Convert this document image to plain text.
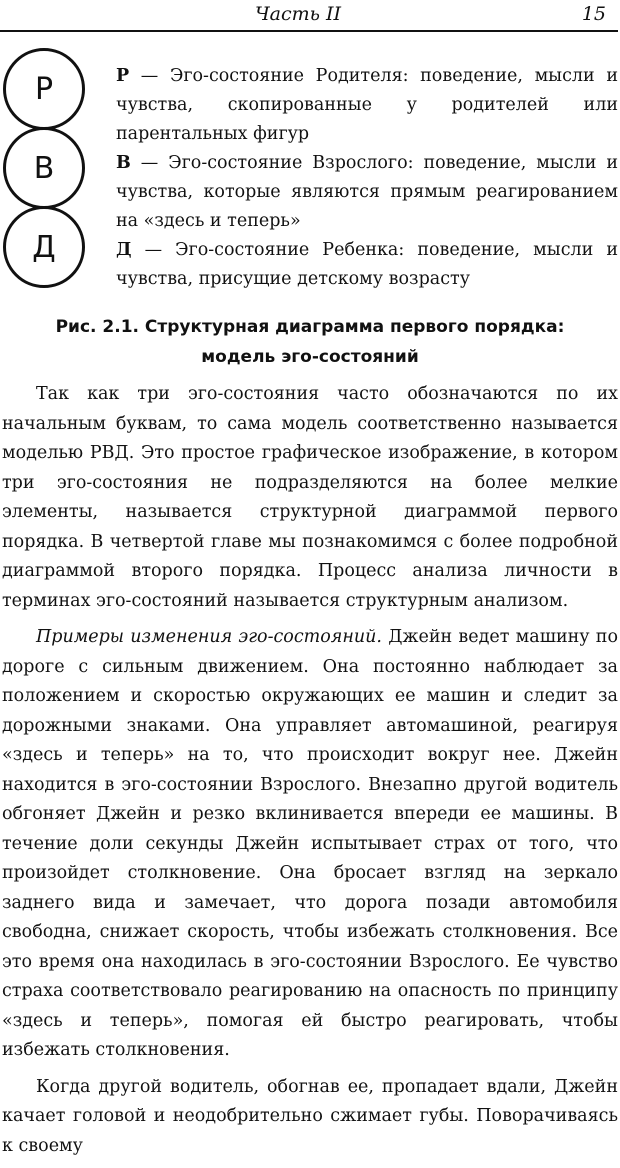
Часть II	15
Р
В
Д

Р — Эго-состояние Родителя: поведение, мысли и чувства, скопированные у родителей или парентальных фигур

В — Эго-состояние Взрослого: поведение, мысли и чувства, которые являются прямым реагированием на «здесь и теперь»

Д — Эго-состояние Ребенка: поведение, мысли и чувства, присущие детскому возрасту

Рис. 2.1. Структурная диаграмма первого порядка:
модель эго-состояний

Так как три эго-состояния часто обозначаются по их начальным буквам, то сама модель соответственно называется моделью РВД. Это простое графическое изображение, в котором три эго-состояния не подразделяются на более мелкие элементы, называется структурной диаграммой первого порядка. В четвертой главе мы познакомимся с более подробной диаграммой второго порядка. Процесс анализа личности в терминах эго-состояний называется структурным анализом.

Примеры изменения эго-состояний. Джейн ведет машину по дороге с сильным движением. Она постоянно наблюдает за положением и скоростью окружающих ее машин и следит за дорожными знаками. Она управляет автомашиной, реагируя «здесь и теперь» на то, что происходит вокруг нее. Джейн находится в эго-состоянии Взрослого. Внезапно другой водитель обгоняет Джейн и резко вклинивается впереди ее машины. В течение доли секунды Джейн испытывает страх от того, что произойдет столкновение. Она бросает взгляд на зеркало заднего вида и замечает, что дорога позади автомобиля свободна, снижает скорость, чтобы избежать столкновения. Все это время она находилась в эго-состоянии Взрослого. Ее чувство страха соответствовало реагированию на опасность по принципу «здесь и теперь», помогая ей быстро реагировать, чтобы избежать столкновения.

Когда другой водитель, обогнав ее, пропадает вдали, Джейн качает головой и неодобрительно сжимает губы. Поворачиваясь к своему
